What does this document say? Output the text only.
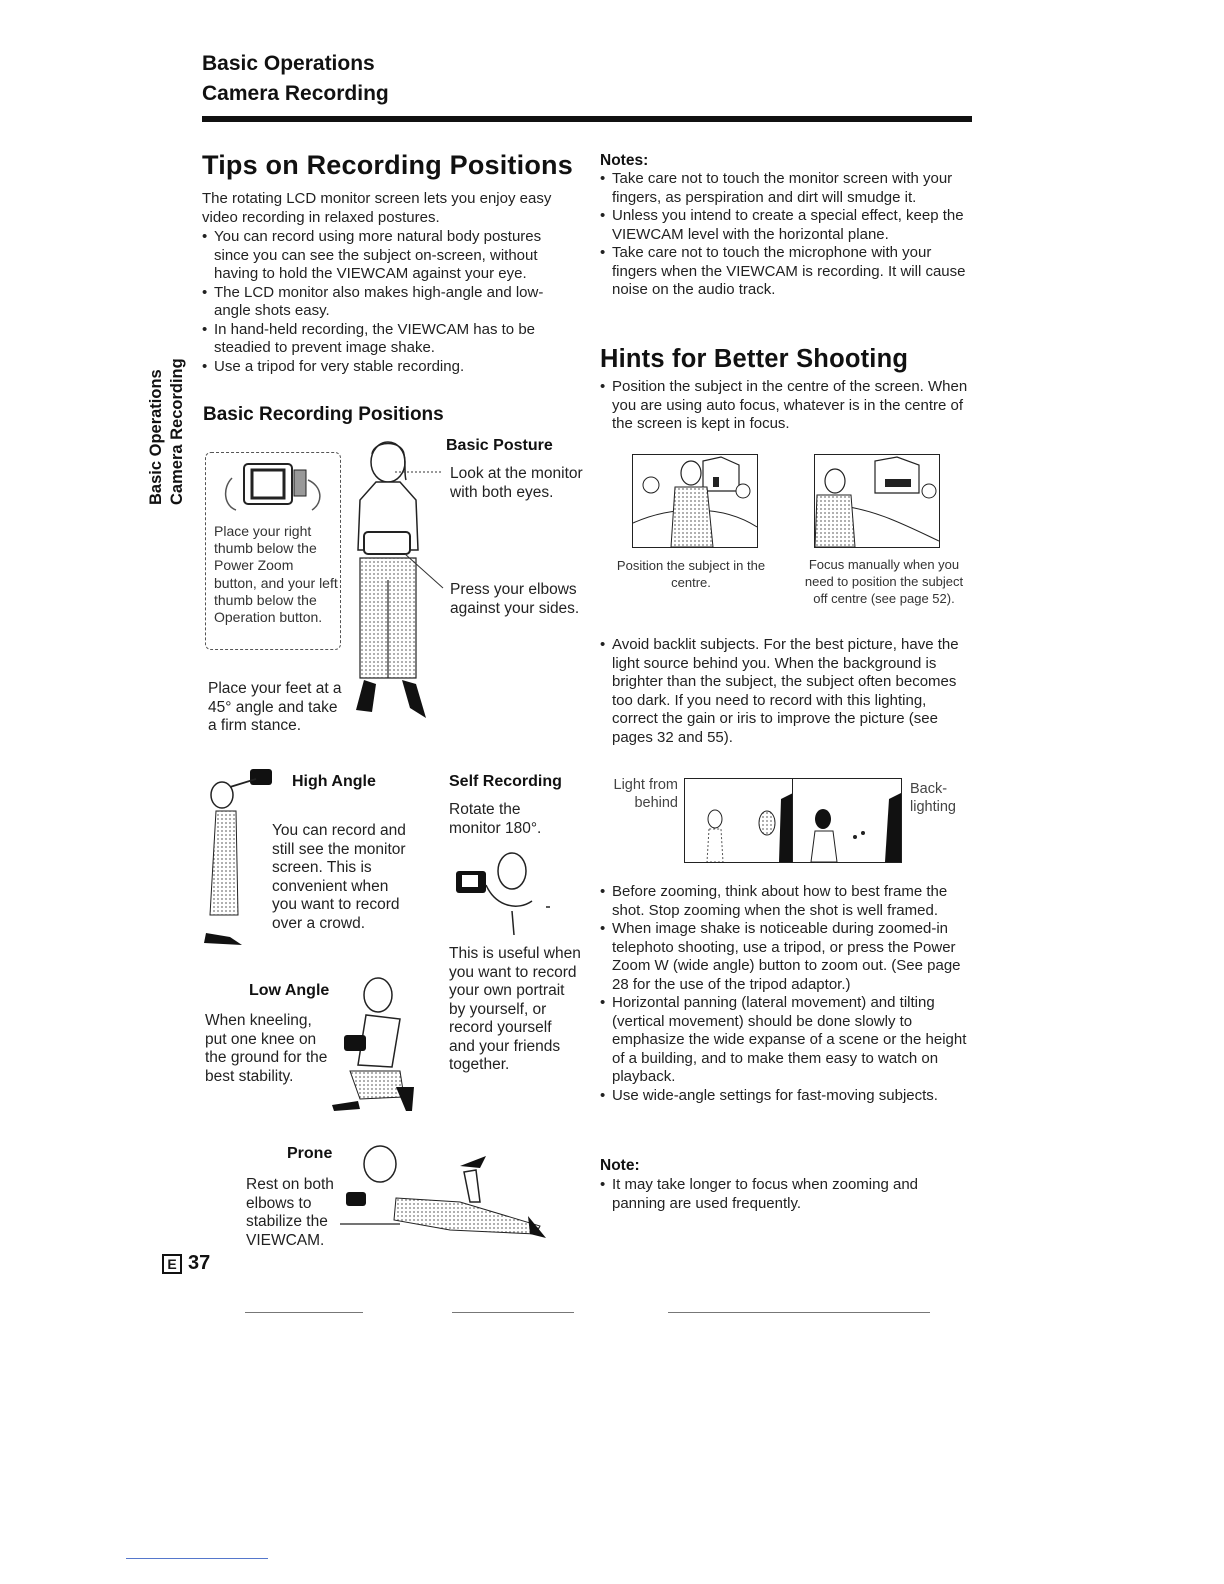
Basic Operations
Camera Recording
Basic Operations Camera Recording
Tips on Recording Positions
The rotating LCD monitor screen lets you enjoy easy video recording in relaxed postures.
• You can record using more natural body postures since you can see the subject on-screen, without having to hold the VIEWCAM against your eye.
• The LCD monitor also makes high-angle and low-angle shots easy.
• In hand-held recording, the VIEWCAM has to be steadied to prevent image shake.
• Use a tripod for very stable recording.
Basic Recording Positions
Basic Posture
Place your right thumb below the Power Zoom button, and your left thumb below the Operation button.
Look at the monitor with both eyes.
Press your elbows against your sides.
Place your feet at a 45° angle and take a firm stance.
High Angle
You can record and still see the monitor screen. This is convenient when you want to record over a crowd.
Self Recording
Rotate the monitor 180°.
This is useful when you want to record your own portrait by yourself, or record yourself and your friends together.
Low Angle
When kneeling, put one knee on the ground for the best stability.
Prone
Rest on both elbows to stabilize the VIEWCAM.
E 37
Notes:
• Take care not to touch the monitor screen with your fingers, as perspiration and dirt will smudge it.
• Unless you intend to create a special effect, keep the VIEWCAM level with the horizontal plane.
• Take care not to touch the microphone with your fingers when the VIEWCAM is recording. It will cause noise on the audio track.
Hints for Better Shooting
• Position the subject in the centre of the screen. When you are using auto focus, whatever is in the centre of the screen is kept in focus.
Position the subject in the centre.
Focus manually when you need to position the subject off centre (see page 52).
• Avoid backlit subjects. For the best picture, have the light source behind you. When the background is brighter than the subject, the subject often becomes too dark. If you need to record with this lighting, correct the gain or iris to improve the picture (see pages 32 and 55).
Light from behind
Back-lighting
• Before zooming, think about how to best frame the shot. Stop zooming when the shot is well framed.
• When image shake is noticeable during zoomed-in telephoto shooting, use a tripod, or press the Power Zoom W (wide angle) button to zoom out. (See page 28 for the use of the tripod adaptor.)
• Horizontal panning (lateral movement) and tilting (vertical movement) should be done slowly to emphasize the wide expanse of a scene or the height of a building, and to make them easy to watch on playback.
• Use wide-angle settings for fast-moving subjects.
Note:
• It may take longer to focus when zooming and panning are used frequently.
